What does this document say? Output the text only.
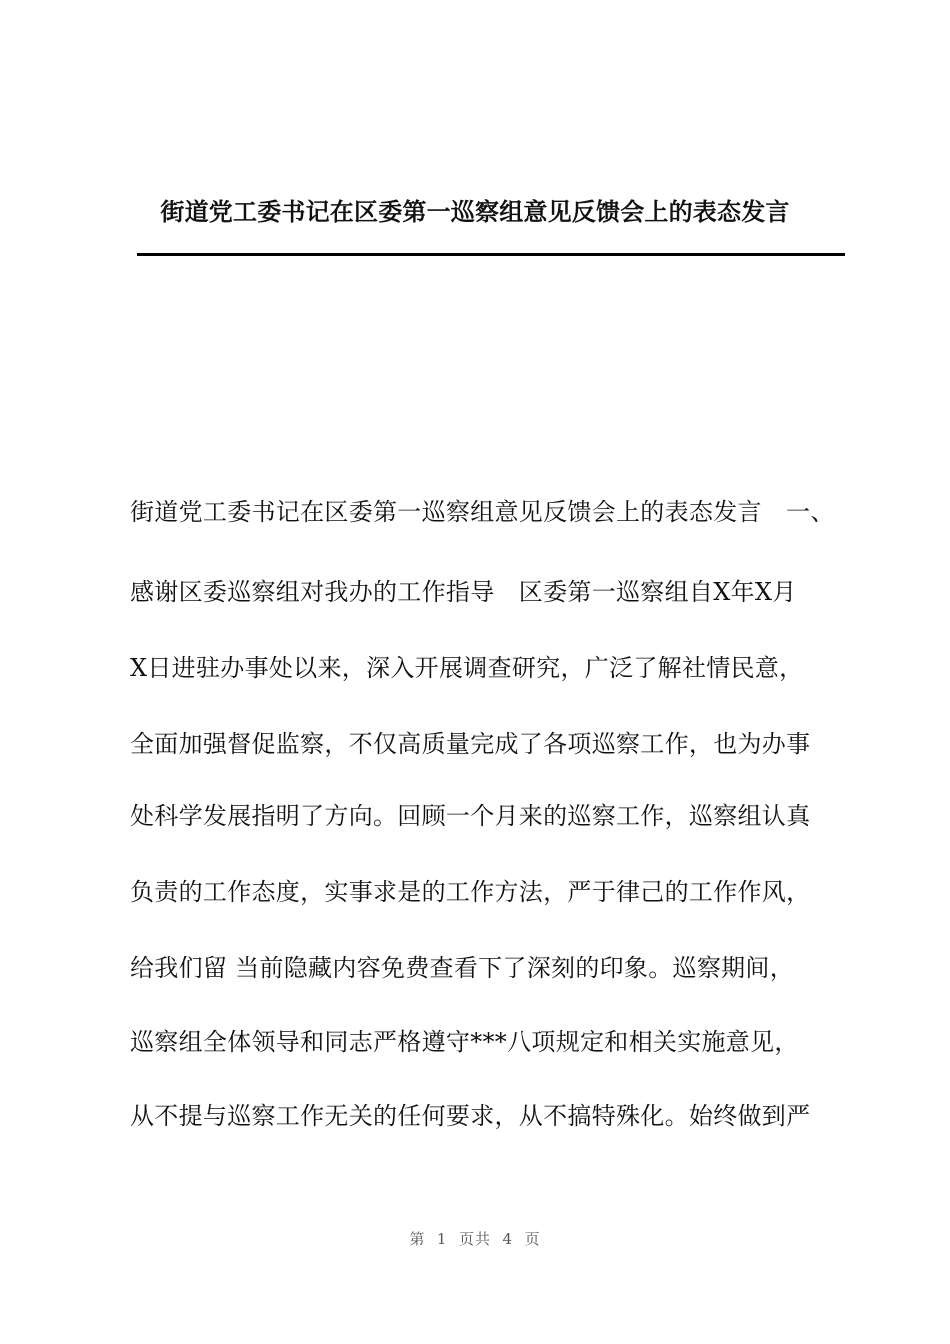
街道党工委书记在区委第一巡察组意见反馈会上的表态发言
街道党工委书记在区委第一巡察组意见反馈会上的表态发言　一、
感谢区委巡察组对我办的工作指导　区委第一巡察组自X年X月
X日进驻办事处以来，深入开展调查研究，广泛了解社情民意，
全面加强督促监察，不仅高质量完成了各项巡察工作，也为办事
处科学发展指明了方向。回顾一个月来的巡察工作，巡察组认真
负责的工作态度，实事求是的工作方法，严于律己的工作作风，
给我们留 当前隐藏内容免费查看下了深刻的印象。巡察期间，
巡察组全体领导和同志严格遵守***八项规定和相关实施意见，
从不提与巡察工作无关的任何要求，从不搞特殊化。始终做到严
第  1  页共  4  页
